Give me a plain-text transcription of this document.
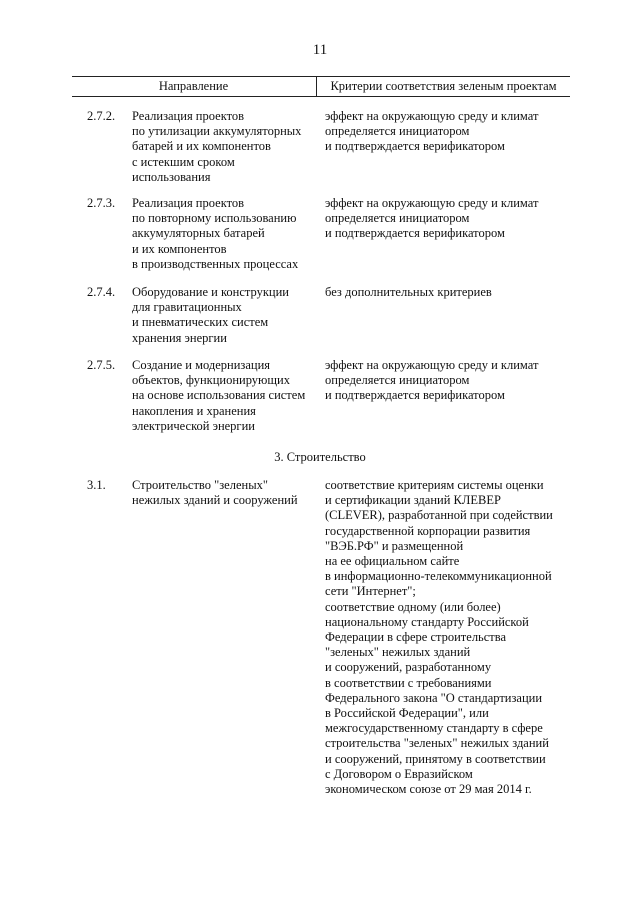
11
Направление	Критерии соответствия зеленым проектам
2.7.2. Реализация проектов
по утилизации аккумуляторных
батарей и их компонентов
с истекшим сроком
использования
эффект на окружающую среду и климат
определяется инициатором
и подтверждается верификатором
2.7.3. Реализация проектов
по повторному использованию
аккумуляторных батарей
и их компонентов
в производственных процессах
эффект на окружающую среду и климат
определяется инициатором
и подтверждается верификатором
2.7.4. Оборудование и конструкции
для гравитационных
и пневматических систем
хранения энергии
без дополнительных критериев
2.7.5. Создание и модернизация
объектов, функционирующих
на основе использования систем
накопления и хранения
электрической энергии
эффект на окружающую среду и климат
определяется инициатором
и подтверждается верификатором
3. Строительство
3.1. Строительство "зеленых"
нежилых зданий и сооружений
соответствие критериям системы оценки
и сертификации зданий КЛЕВЕР
(CLEVER), разработанной при содействии
государственной корпорации развития
"ВЭБ.РФ" и размещенной
на ее официальном сайте
в информационно-телекоммуникационной
сети "Интернет";
соответствие одному (или более)
национальному стандарту Российской
Федерации в сфере строительства
"зеленых" нежилых зданий
и сооружений, разработанному
в соответствии с требованиями
Федерального закона "О стандартизации
в Российской Федерации", или
межгосударственному стандарту в сфере
строительства "зеленых" нежилых зданий
и сооружений, принятому в соответствии
с Договором о Евразийском
экономическом союзе от 29 мая 2014 г.
